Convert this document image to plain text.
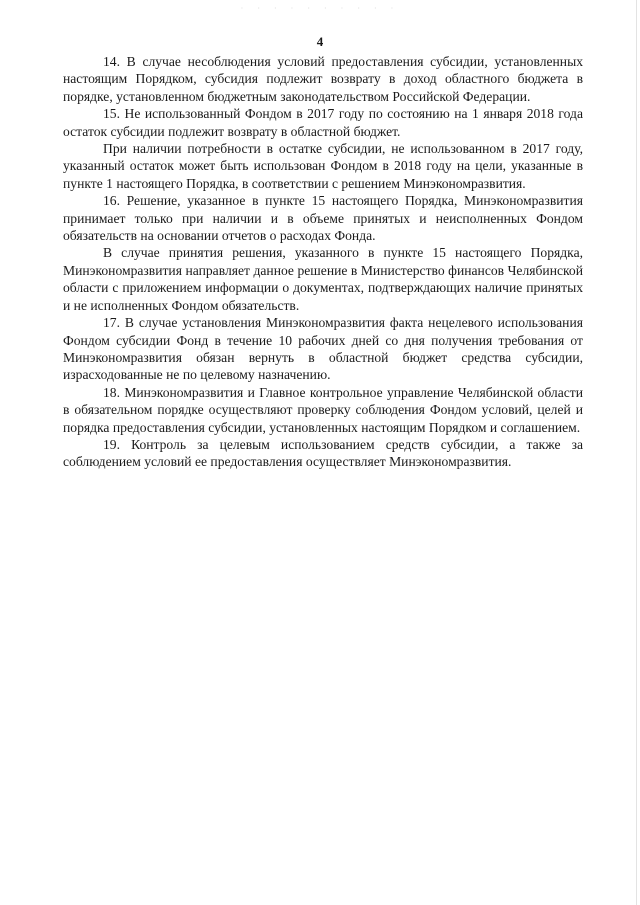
· · · · · · · · · ·
4

14. В случае несоблюдения условий предоставления субсидии, установленных настоящим Порядком, субсидия подлежит возврату в доход областного бюджета в порядке, установленном бюджетным законодательством Российской Федерации.

15. Не использованный Фондом в 2017 году по состоянию на 1 января 2018 года остаток субсидии подлежит возврату в областной бюджет.

При наличии потребности в остатке субсидии, не использованном в 2017 году, указанный остаток может быть использован Фондом в 2018 году на цели, указанные в пункте 1 настоящего Порядка, в соответствии с решением Минэкономразвития.

16. Решение, указанное в пункте 15 настоящего Порядка, Минэкономразвития принимает только при наличии и в объеме принятых и неисполненных Фондом обязательств на основании отчетов о расходах Фонда.

В случае принятия решения, указанного в пункте 15 настоящего Порядка, Минэкономразвития направляет данное решение в Министерство финансов Челябинской области с приложением информации о документах, подтверждающих наличие принятых и не исполненных Фондом обязательств.

17. В случае установления Минэкономразвития факта нецелевого использования Фондом субсидии Фонд в течение 10 рабочих дней со дня получения требования от Минэкономразвития обязан вернуть в областной бюджет средства субсидии, израсходованные не по целевому назначению.

18. Минэкономразвития и Главное контрольное управление Челябинской области в обязательном порядке осуществляют проверку соблюдения Фондом условий, целей и порядка предоставления субсидии, установленных настоящим Порядком и соглашением.

19. Контроль за целевым использованием средств субсидии, а также за соблюдением условий ее предоставления осуществляет Минэкономразвития.
